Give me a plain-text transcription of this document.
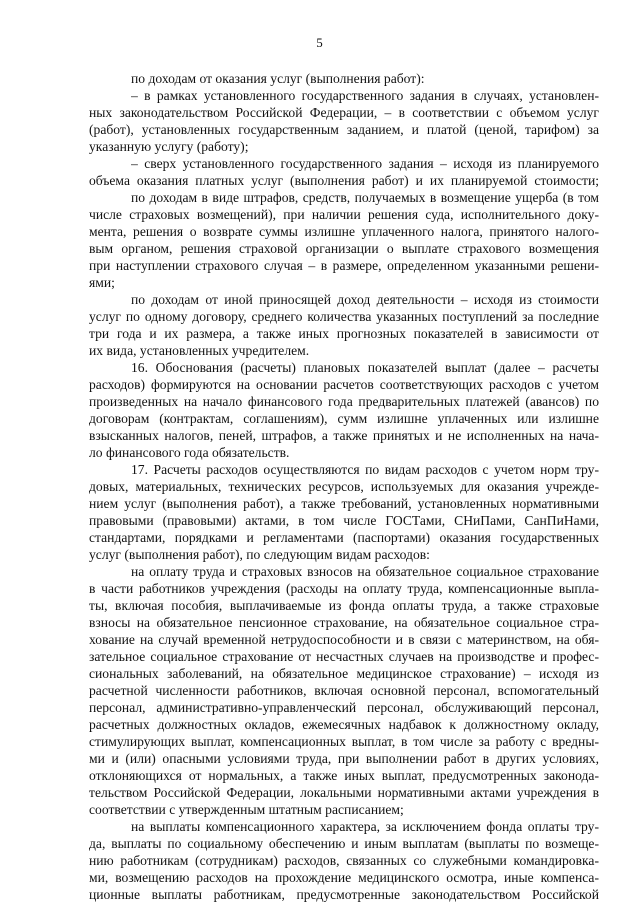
5
по доходам от оказания услуг (выполнения работ):
– в рамках установленного государственного задания в случаях, установлен-
ных законодательством Российской Федерации, – в соответствии с объемом услуг
(работ), установленных государственным заданием, и платой (ценой, тарифом) за
указанную услугу (работу);
– сверх установленного государственного задания – исходя из планируемого
объема оказания платных услуг (выполнения работ) и их планируемой стоимости;
по доходам в виде штрафов, средств, получаемых в возмещение ущерба (в том
числе страховых возмещений), при наличии решения суда, исполнительного доку-
мента, решения о возврате суммы излишне уплаченного налога, принятого налого-
вым органом, решения страховой организации о выплате страхового возмещения
при наступлении страхового случая – в размере, определенном указанными решени-
ями;
по доходам от иной приносящей доход деятельности – исходя из стоимости
услуг по одному договору, среднего количества указанных поступлений за последние
три года и их размера, а также иных прогнозных показателей в зависимости от
их вида, установленных учредителем.
16. Обоснования (расчеты) плановых показателей выплат (далее – расчеты
расходов) формируются на основании расчетов соответствующих расходов с учетом
произведенных на начало финансового года предварительных платежей (авансов) по
договорам (контрактам, соглашениям), сумм излишне уплаченных или излишне
взысканных налогов, пеней, штрафов, а также принятых и не исполненных на нача-
ло финансового года обязательств.
17. Расчеты расходов осуществляются по видам расходов с учетом норм тру-
довых, материальных, технических ресурсов, используемых для оказания учрежде-
нием услуг (выполнения работ), а также требований, установленных нормативными
правовыми (правовыми) актами, в том числе ГОСТами, СНиПами, СанПиНами,
стандартами, порядками и регламентами (паспортами) оказания государственных
услуг (выполнения работ), по следующим видам расходов:
на оплату труда и страховых взносов на обязательное социальное страхование
в части работников учреждения (расходы на оплату труда, компенсационные выпла-
ты, включая пособия, выплачиваемые из фонда оплаты труда, а также страховые
взносы на обязательное пенсионное страхование, на обязательное социальное стра-
хование на случай временной нетрудоспособности и в связи с материнством, на обя-
зательное социальное страхование от несчастных случаев на производстве и профес-
сиональных заболеваний, на обязательное медицинское страхование) – исходя из
расчетной численности работников, включая основной персонал, вспомогательный
персонал, административно-управленческий персонал, обслуживающий персонал,
расчетных должностных окладов, ежемесячных надбавок к должностному окладу,
стимулирующих выплат, компенсационных выплат, в том числе за работу с вредны-
ми и (или) опасными условиями труда, при выполнении работ в других условиях,
отклоняющихся от нормальных, а также иных выплат, предусмотренных законода-
тельством Российской Федерации, локальными нормативными актами учреждения в
соответствии с утвержденным штатным расписанием;
на выплаты компенсационного характера, за исключением фонда оплаты тру-
да, выплаты по социальному обеспечению и иным выплатам (выплаты по возмеще-
нию работникам (сотрудникам) расходов, связанных со служебными командировка-
ми, возмещению расходов на прохождение медицинского осмотра, иные компенса-
ционные выплаты работникам, предусмотренные законодательством Российской
